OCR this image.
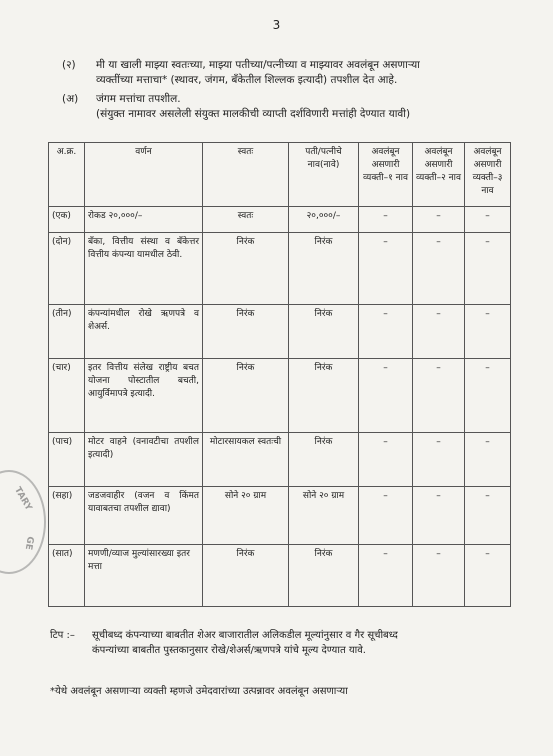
3
(२) मी या खाली माझ्या स्वतःच्या, माझ्या पतीच्या/पत्नीच्या व माझ्यावर अवलंबून असणाऱ्या
व्यक्तींच्या मत्ताचा* (स्थावर, जंगम, बँकेतील शिल्लक इत्यादी) तपशील देत आहे.
(अ) जंगम मत्तांचा तपशील.
(संयुक्त नामावर असलेली संयुक्त मालकीची व्याप्ती दर्शविणारी मत्तांही देण्यात यावी)
अ.क्र.	वर्णन	स्वतः	पती/पत्नीचे नाव(नावे)	अवलंबून असणारी व्यक्ती–१ नाव	अवलंबून असणारी व्यक्ती–२ नाव	अवलंबून असणारी व्यक्ती–३ नाव
(एक)	रोकड २०,०००/–	स्वतः	२०,०००/–	–	–	–
(दोन)	बँका, वित्तीय संस्था व बँकेत्तर वित्तीय कंपन्या यामधील ठेवी.	निरंक	निरंक	–	–	–
(तीन)	कंपन्यांमधील रोखे ऋणपत्रे व शेअर्स.	निरंक	निरंक	–	–	–
(चार)	इतर वित्तीय संलेख राष्ट्रीय बचत योजना पोस्टातील बचती, आयुर्विमापत्रे इत्यादी.	निरंक	निरंक	–	–	–
(पाच)	मोटर वाहने (वनावटीचा तपशील इत्यादी)	मोटारसायकल स्वतःची	निरंक	–	–	–
(सहा)	जडजवाहीर (वजन व किंमत यावाबतचा तपशील द्यावा)	सोने २० ग्राम	सोने २० ग्राम	–	–	–
(सात)	मणणी/व्याज मुल्यांसारख्या इतर मत्ता	निरंक	निरंक	–	–	–
टिप :– सूचीबध्द कंपन्याच्या बाबतीत शेअर बाजारातील अलिकडील मूल्यांनुसार व गैर सूचीबध्द
कंपन्यांच्या बाबतीत पुस्तकानुसार रोखे/शेअर्स/ऋणपत्रे यांचे मूल्य देण्यात यावे.
*येथे अवलंबून असणाऱ्या व्यक्ती म्हणजे उमेदवारांच्या उत्पन्नावर अवलंबून असणाऱ्या
TARY
GE
